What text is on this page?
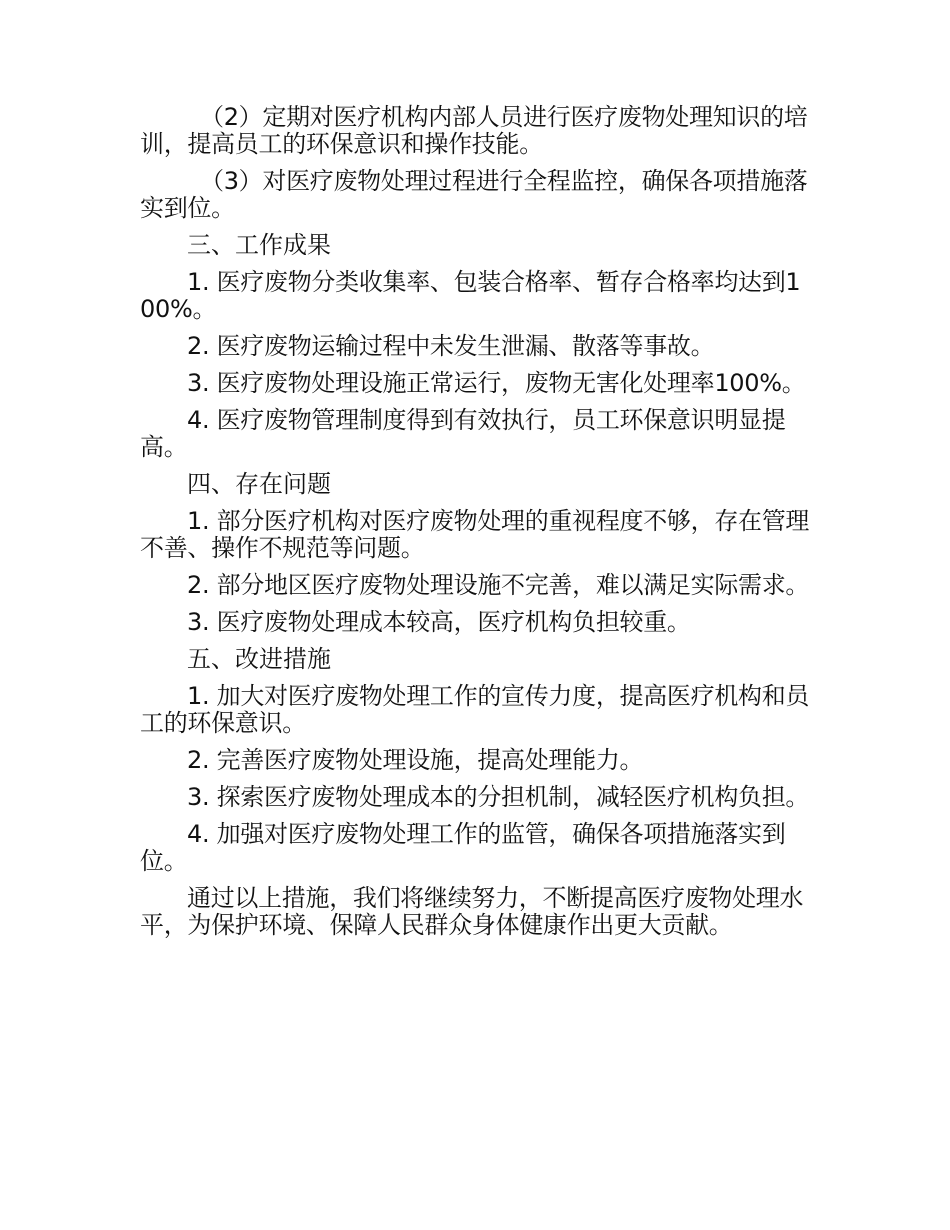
（2）定期对医疗机构内部人员进行医疗废物处理知识的培训，提高员工的环保意识和操作技能。

（3）对医疗废物处理过程进行全程监控，确保各项措施落实到位。

三、工作成果

1. 医疗废物分类收集率、包装合格率、暂存合格率均达到100%。

2. 医疗废物运输过程中未发生泄漏、散落等事故。

3. 医疗废物处理设施正常运行，废物无害化处理率100%。

4. 医疗废物管理制度得到有效执行，员工环保意识明显提高。

四、存在问题

1. 部分医疗机构对医疗废物处理的重视程度不够，存在管理不善、操作不规范等问题。

2. 部分地区医疗废物处理设施不完善，难以满足实际需求。

3. 医疗废物处理成本较高，医疗机构负担较重。

五、改进措施

1. 加大对医疗废物处理工作的宣传力度，提高医疗机构和员工的环保意识。

2. 完善医疗废物处理设施，提高处理能力。

3. 探索医疗废物处理成本的分担机制，减轻医疗机构负担。

4. 加强对医疗废物处理工作的监管，确保各项措施落实到位。

通过以上措施，我们将继续努力，不断提高医疗废物处理水平，为保护环境、保障人民群众身体健康作出更大贡献。
